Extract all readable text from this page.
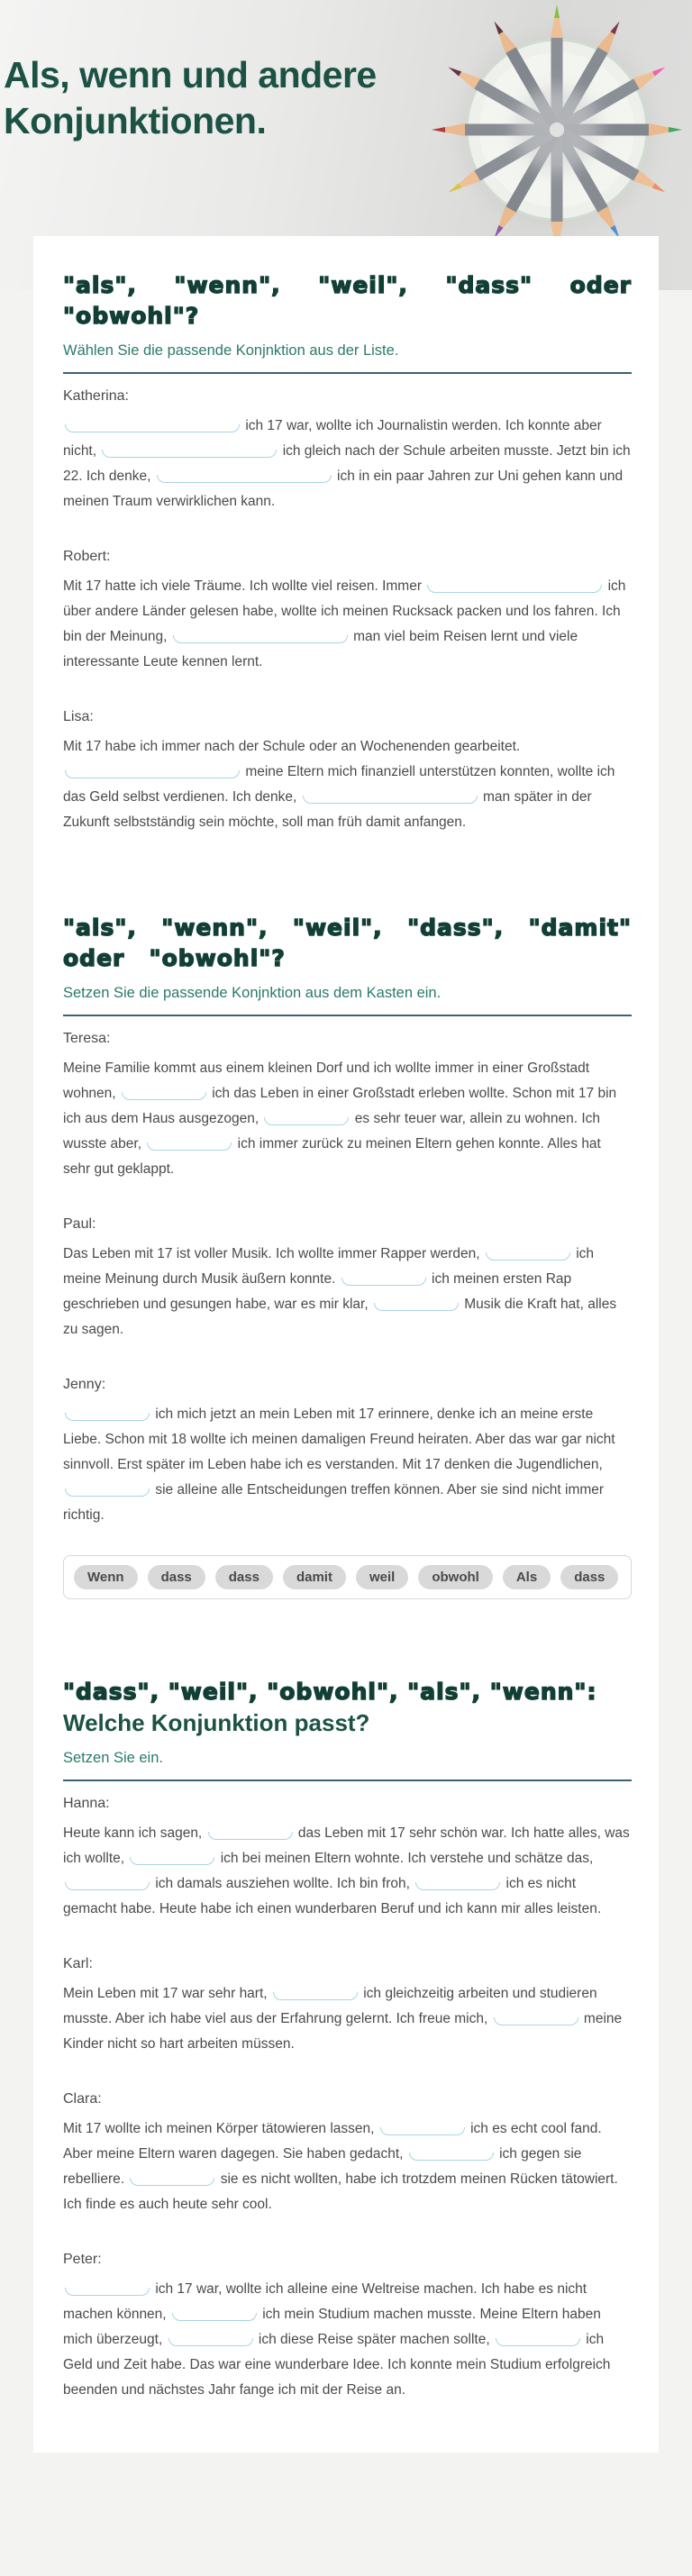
Als, wenn und andere Konjunktionen.
"als", "wenn", "weil", "dass" oder "obwohl"?

Wählen Sie die passende Konjnktion aus der Liste.

Katherina:

ich 17 war, wollte ich Journalistin werden. Ich konnte aber nicht,	ich gleich nach der Schule arbeiten musste. Jetzt bin ich 22. Ich denke,	ich in ein paar Jahren zur Uni gehen kann und meinen Traum verwirklichen kann.

Robert:

Mit 17 hatte ich viele Träume. Ich wollte viel reisen. Immer	ich über andere Länder gelesen habe, wollte ich meinen Rucksack packen und los fahren. Ich bin der Meinung,	man viel beim Reisen lernt und viele interessante Leute kennen lernt.

Lisa:

Mit 17 habe ich immer nach der Schule oder an Wochenenden gearbeitet.  meine Eltern mich finanziell unterstützen konnten, wollte ich das Geld selbst verdienen. Ich denke,	man später in der Zukunft selbstständig sein möchte, soll man früh damit anfangen.

"als", "wenn", "weil", "dass", "damit" oder "obwohl"?

Setzen Sie die passende Konjnktion aus dem Kasten ein.

Teresa:

Meine Familie kommt aus einem kleinen Dorf und ich wollte immer in einer Großstadt wohnen,	ich das Leben in einer Großstadt erleben wollte. Schon mit 17 bin ich aus dem Haus ausgezogen,	es sehr teuer war, allein zu wohnen. Ich wusste aber,	ich immer zurück zu meinen Eltern gehen konnte. Alles hat sehr gut geklappt.

Paul:

Das Leben mit 17 ist voller Musik. Ich wollte immer Rapper werden,	ich meine Meinung durch Musik äußern konnte.	ich meinen ersten Rap geschrieben und gesungen habe, war es mir klar,	Musik die Kraft hat, alles zu sagen.

Jenny:

ich mich jetzt an mein Leben mit 17 erinnere, denke ich an meine erste Liebe. Schon mit 18 wollte ich meinen damaligen Freund heiraten. Aber das war gar nicht sinnvoll. Erst später im Leben habe ich es verstanden. Mit 17 denken die Jugendlichen,  sie alleine alle Entscheidungen treffen können. Aber sie sind nicht immer richtig.

Wenn	dass	dass	damit	weil	obwohl	Als	dass
"dass", "weil", "obwohl", "als", "wenn": Welche Konjunktion passt?

Setzen Sie ein.

Hanna:

Heute kann ich sagen,	das Leben mit 17 sehr schön war. Ich hatte alles, was ich wollte,	ich bei meinen Eltern wohnte. Ich verstehe und schätze das,  ich damals ausziehen wollte. Ich bin froh,	ich es nicht gemacht habe. Heute habe ich einen wunderbaren Beruf und ich kann mir alles leisten.

Karl:

Mein Leben mit 17 war sehr hart,	ich gleichzeitig arbeiten und studieren musste. Aber ich habe viel aus der Erfahrung gelernt. Ich freue mich,	meine Kinder nicht so hart arbeiten müssen.

Clara:

Mit 17 wollte ich meinen Körper tätowieren lassen,	ich es echt cool fand. Aber meine Eltern waren dagegen. Sie haben gedacht,	ich gegen sie rebelliere.	sie es nicht wollten, habe ich trotzdem meinen Rücken tätowiert. Ich finde es auch heute sehr cool.

Peter:

ich 17 war, wollte ich alleine eine Weltreise machen. Ich habe es nicht machen können,	ich mein Studium machen musste. Meine Eltern haben mich überzeugt,	ich diese Reise später machen sollte,	ich Geld und Zeit habe. Das war eine wunderbare Idee. Ich konnte mein Studium erfolgreich beenden und nächstes Jahr fange ich mit der Reise an.
